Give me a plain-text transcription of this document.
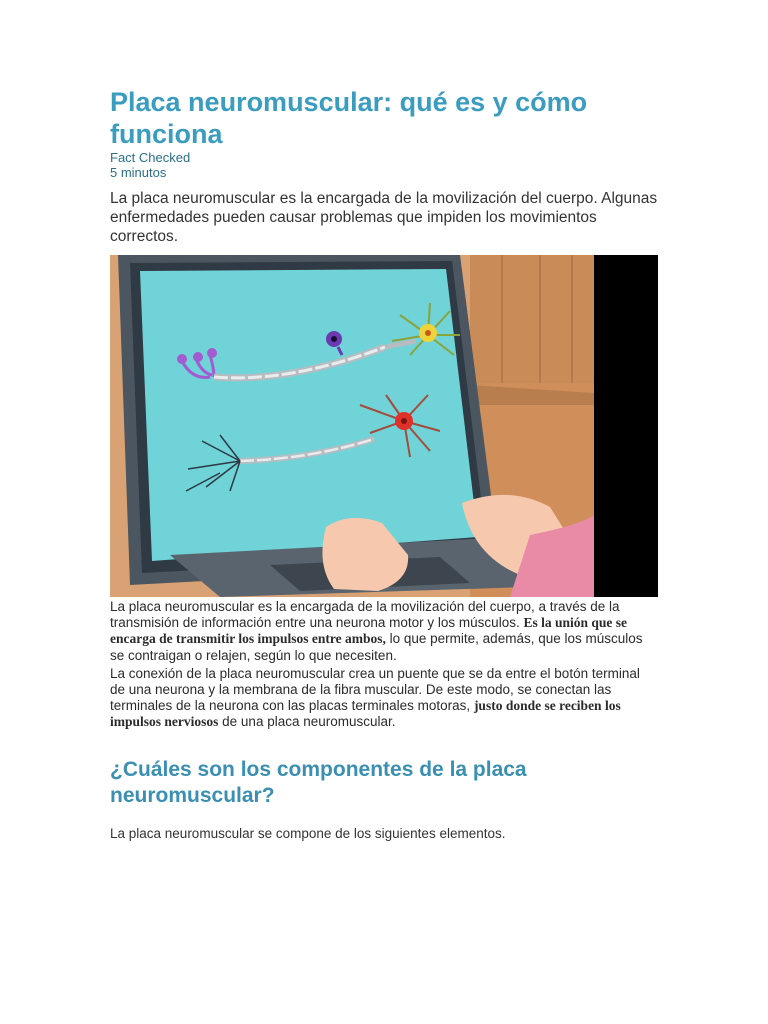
Placa neuromuscular: qué es y cómo funciona
Fact Checked
5 minutos
La placa neuromuscular es la encargada de la movilización del cuerpo. Algunas enfermedades pueden causar problemas que impiden los movimientos correctos.
La placa neuromuscular es la encargada de la movilización del cuerpo, a través de la transmisión de información entre una neurona motor y los músculos. Es la unión que se encarga de transmitir los impulsos entre ambos, lo que permite, además, que los músculos se contraigan o relajen, según lo que necesiten.
La conexión de la placa neuromuscular crea un puente que se da entre el botón terminal de una neurona y la membrana de la fibra muscular. De este modo, se conectan las terminales de la neurona con las placas terminales motoras, justo donde se reciben los impulsos nerviosos de una placa neuromuscular.
¿Cuáles son los componentes de la placa neuromuscular?
La placa neuromuscular se compone de los siguientes elementos.
